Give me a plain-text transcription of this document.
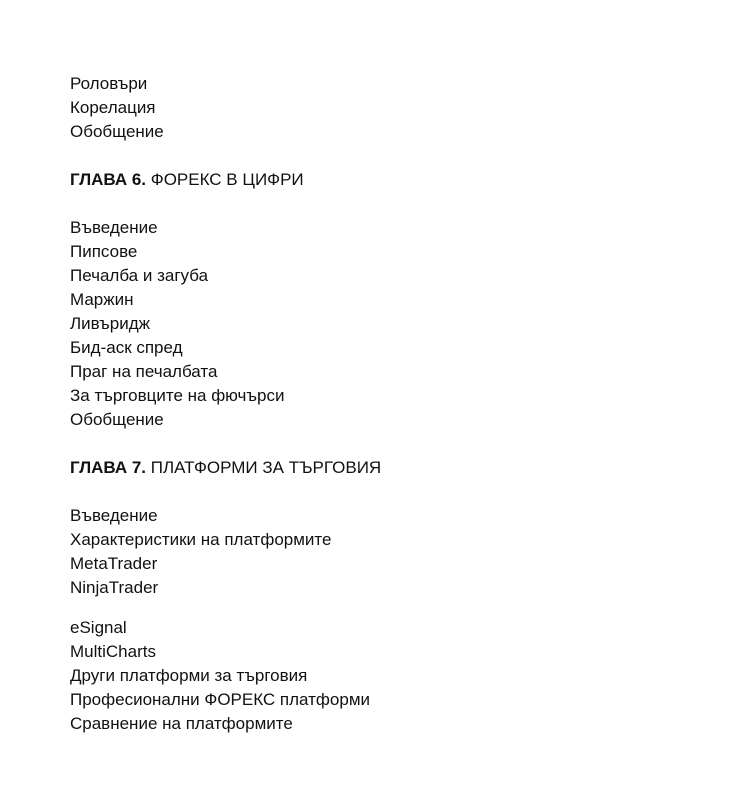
Роловъри
Корелация
Обобщение
ГЛАВА 6. ФОРЕКС В ЦИФРИ
Въведение
Пипсове
Печалба и загуба
Маржин
Ливъридж
Бид-аск спред
Праг на печалбата
За търговците на фючърси
Обобщение
ГЛАВА 7. ПЛАТФОРМИ ЗА ТЪРГОВИЯ
Въведение
Характеристики на платформите
MetaTrader
NinjaTrader
eSignal
MultiCharts
Други платформи за търговия
Професионални ФОРЕКС платформи
Сравнение на платформите
